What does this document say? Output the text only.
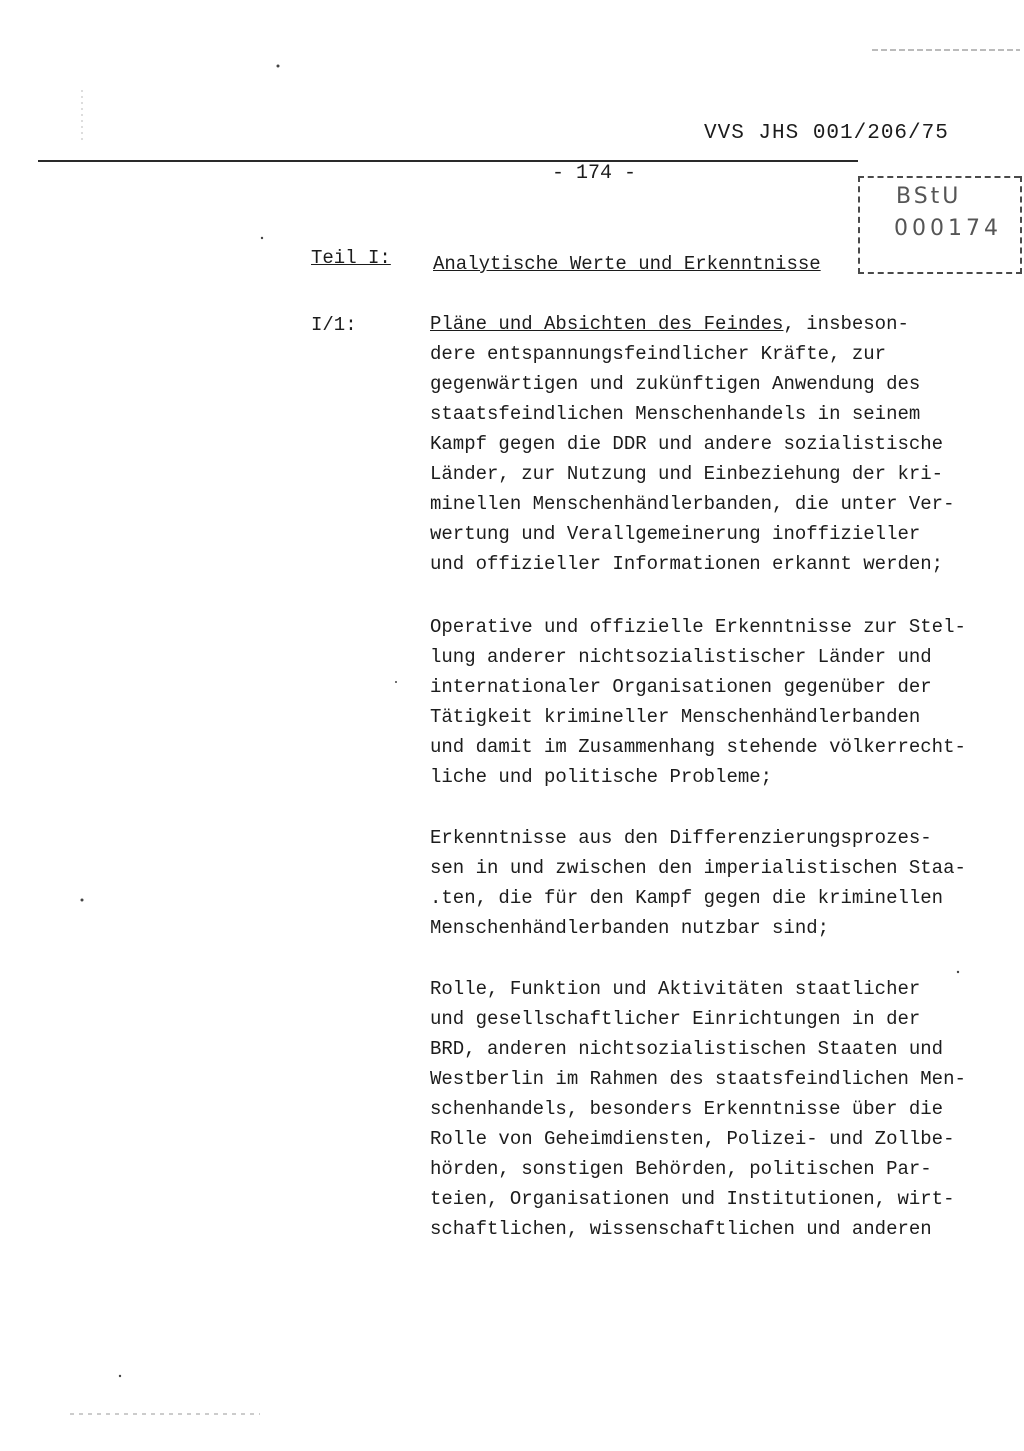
VVS JHS 001/206/75
- 174 -
BStU
000174
Teil I: Analytische Werte und Erkenntnisse
I/1:	Pläne und Absichten des Feindes, insbeson-
dere entspannungsfeindlicher Kräfte, zur
gegenwärtigen und zukünftigen Anwendung des
staatsfeindlichen Menschenhandels in seinem
Kampf gegen die DDR und andere sozialistische
Länder, zur Nutzung und Einbeziehung der kri-
minellen Menschenhändlerbanden, die unter Ver-
wertung und Verallgemeinerung inoffizieller
und offizieller Informationen erkannt werden;
Operative und offizielle Erkenntnisse zur Stel-
lung anderer nichtsozialistischer Länder und
internationaler Organisationen gegenüber der
Tätigkeit krimineller Menschenhändlerbanden
und damit im Zusammenhang stehende völkerrecht-
liche und politische Probleme;
Erkenntnisse aus den Differenzierungsprozes-
sen in und zwischen den imperialistischen Staa-
.ten, die für den Kampf gegen die kriminellen
Menschenhändlerbanden nutzbar sind;
Rolle, Funktion und Aktivitäten staatlicher
und gesellschaftlicher Einrichtungen in der
BRD, anderen nichtsozialistischen Staaten und
Westberlin im Rahmen des staatsfeindlichen Men-
schenhandels, besonders Erkenntnisse über die
Rolle von Geheimdiensten, Polizei- und Zollbe-
hörden, sonstigen Behörden, politischen Par-
teien, Organisationen und Institutionen, wirt-
schaftlichen, wissenschaftlichen und anderen
